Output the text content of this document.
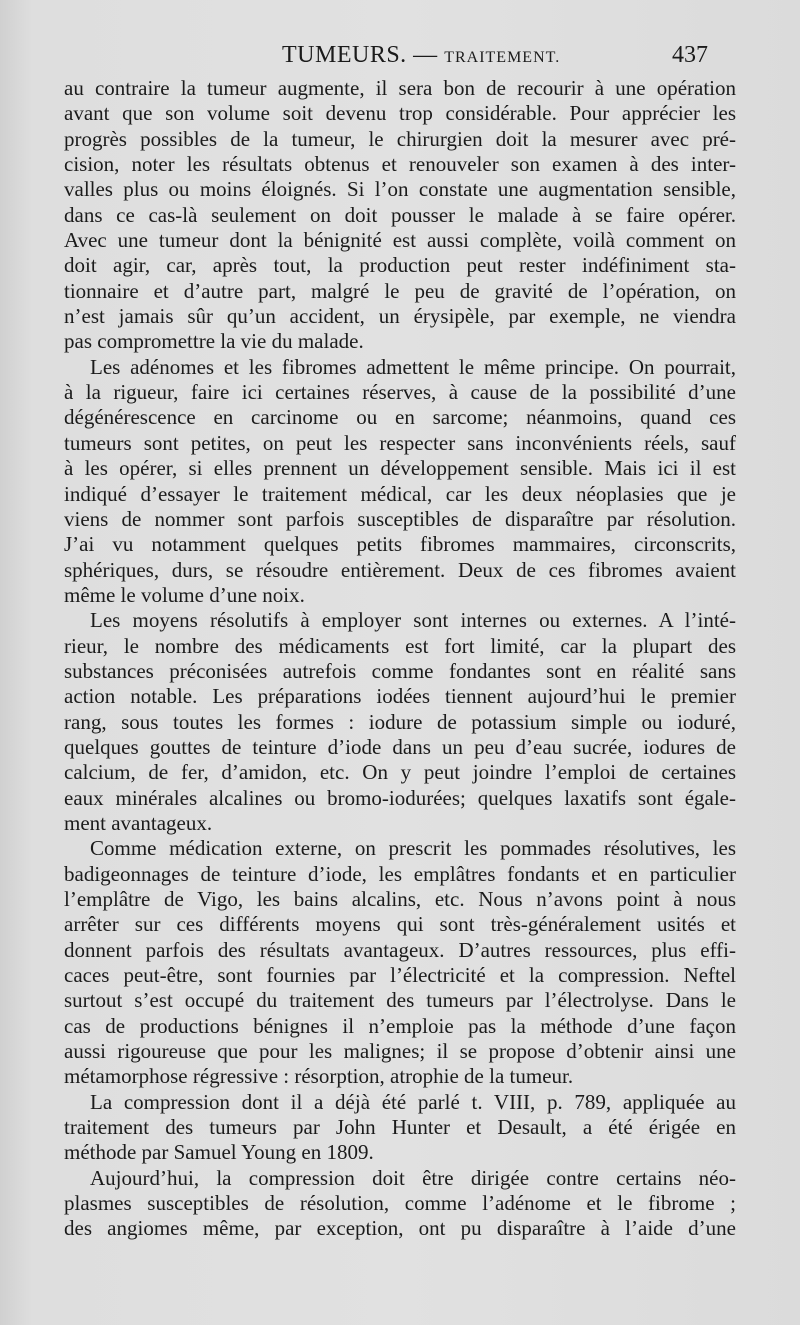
TUMEURS. — TRAITEMENT.	437
au contraire la tumeur augmente, il sera bon de recourir à une opération
avant que son volume soit devenu trop considérable. Pour apprécier les
progrès possibles de la tumeur, le chirurgien doit la mesurer avec pré-
cision, noter les résultats obtenus et renouveler son examen à des inter-
valles plus ou moins éloignés. Si l’on constate une augmentation sensible,
dans ce cas-là seulement on doit pousser le malade à se faire opérer.
Avec une tumeur dont la bénignité est aussi complète, voilà comment on
doit agir, car, après tout, la production peut rester indéfiniment sta-
tionnaire et d’autre part, malgré le peu de gravité de l’opération, on
n’est jamais sûr qu’un accident, un érysipèle, par exemple, ne viendra
pas compromettre la vie du malade.
Les adénomes et les fibromes admettent le même principe. On pourrait,
à la rigueur, faire ici certaines réserves, à cause de la possibilité d’une
dégénérescence en carcinome ou en sarcome; néanmoins, quand ces
tumeurs sont petites, on peut les respecter sans inconvénients réels, sauf
à les opérer, si elles prennent un développement sensible. Mais ici il est
indiqué d’essayer le traitement médical, car les deux néoplasies que je
viens de nommer sont parfois susceptibles de disparaître par résolution.
J’ai vu notamment quelques petits fibromes mammaires, circonscrits,
sphériques, durs, se résoudre entièrement. Deux de ces fibromes avaient
même le volume d’une noix.
Les moyens résolutifs à employer sont internes ou externes. A l’inté-
rieur, le nombre des médicaments est fort limité, car la plupart des
substances préconisées autrefois comme fondantes sont en réalité sans
action notable. Les préparations iodées tiennent aujourd’hui le premier
rang, sous toutes les formes : iodure de potassium simple ou ioduré,
quelques gouttes de teinture d’iode dans un peu d’eau sucrée, iodures de
calcium, de fer, d’amidon, etc. On y peut joindre l’emploi de certaines
eaux minérales alcalines ou bromo-iodurées; quelques laxatifs sont égale-
ment avantageux.
Comme médication externe, on prescrit les pommades résolutives, les
badigeonnages de teinture d’iode, les emplâtres fondants et en particulier
l’emplâtre de Vigo, les bains alcalins, etc. Nous n’avons point à nous
arrêter sur ces différents moyens qui sont très-généralement usités et
donnent parfois des résultats avantageux. D’autres ressources, plus effi-
caces peut-être, sont fournies par l’électricité et la compression. Neftel
surtout s’est occupé du traitement des tumeurs par l’électrolyse. Dans le
cas de productions bénignes il n’emploie pas la méthode d’une façon
aussi rigoureuse que pour les malignes; il se propose d’obtenir ainsi une
métamorphose régressive : résorption, atrophie de la tumeur.
La compression dont il a déjà été parlé t. VIII, p. 789, appliquée au
traitement des tumeurs par John Hunter et Desault, a été érigée en
méthode par Samuel Young en 1809.
Aujourd’hui, la compression doit être dirigée contre certains néo-
plasmes susceptibles de résolution, comme l’adénome et le fibrome ;
des angiomes même, par exception, ont pu disparaître à l’aide d’une
